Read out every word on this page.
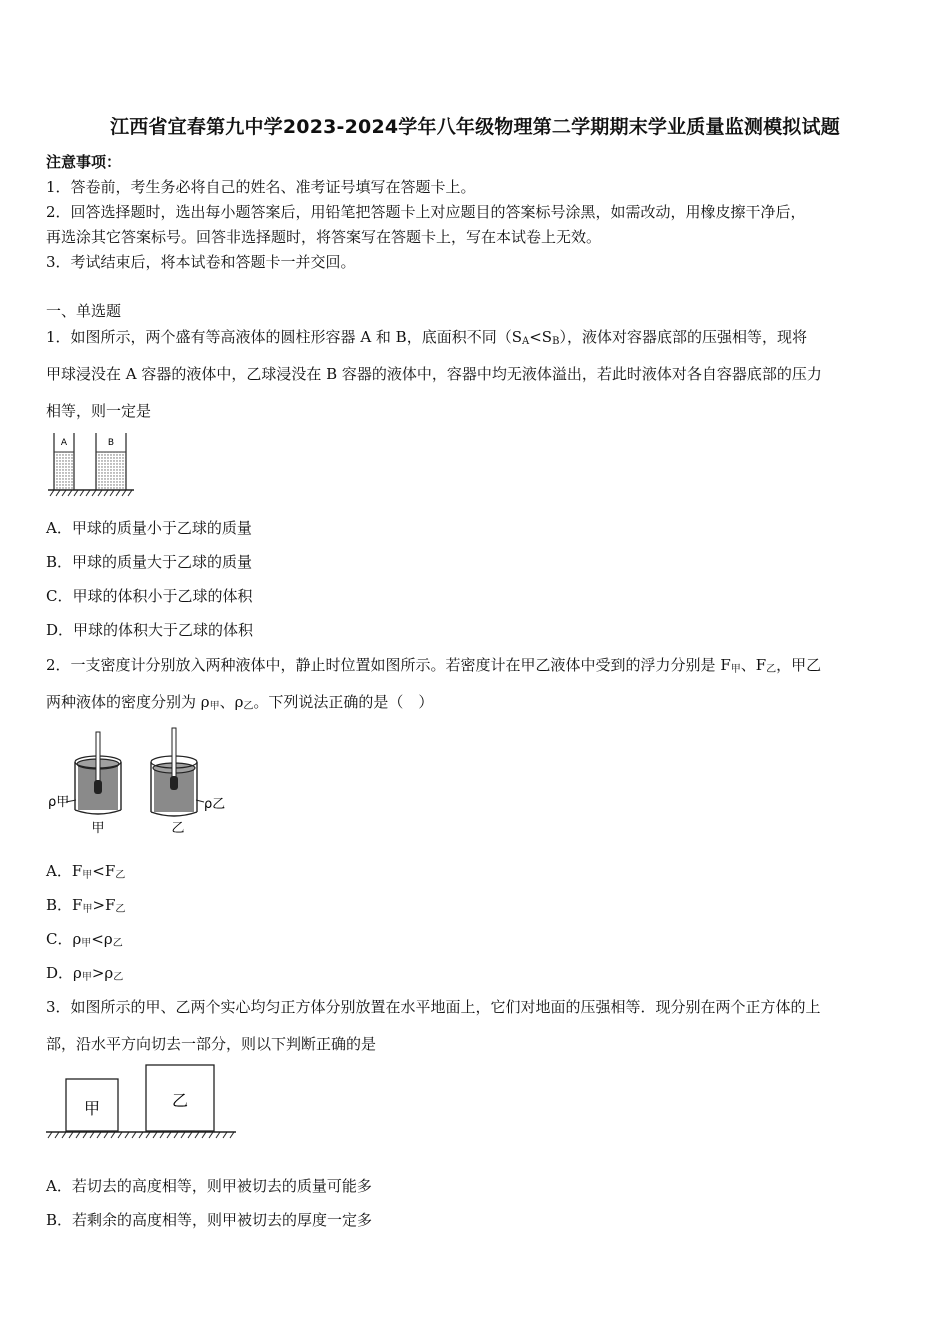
江西省宜春第九中学2023-2024学年八年级物理第二学期期末学业质量监测模拟试题
注意事项：
1．答卷前，考生务必将自己的姓名、准考证号填写在答题卡上。
2．回答选择题时，选出每小题答案后，用铅笔把答题卡上对应题目的答案标号涂黑，如需改动，用橡皮擦干净后，
再选涂其它答案标号。回答非选择题时，将答案写在答题卡上，写在本试卷上无效。
3．考试结束后，将本试卷和答题卡一并交回。
一、单选题
1．如图所示，两个盛有等高液体的圆柱形容器 A 和 B，底面积不同$(S_A<S_B)$，液体对容器底部的压强相等，现将
甲球浸没在 A 容器的液体中，乙球浸没在 B 容器的液体中，容器中均无液体溢出，若此时液体对各自容器底部的压力
相等，则一定是
A	B
A．甲球的质量小于乙球的质量
B．甲球的质量大于乙球的质量
C．甲球的体积小于乙球的体积
D．甲球的体积大于乙球的体积
2．一支密度计分别放入两种液体中，静止时位置如图所示。若密度计在甲乙液体中受到的浮力分别是 $F_甲$、$F_乙$，甲乙
两种液体的密度分别为 $\rho_甲$、$\rho_乙$。下列说法正确的是（　）
ρ甲
甲
ρ乙
乙
A．$F_甲<F_乙$
B．$F_甲>F_乙$
C．$\rho_甲<\rho_乙$
D．$\rho_甲>\rho_乙$
3．如图所示的甲、乙两个实心均匀正方体分别放置在水平地面上，它们对地面的压强相等．现分别在两个正方体的上
部，沿水平方向切去一部分，则以下判断正确的是
甲	乙
A．若切去的高度相等，则甲被切去的质量可能多
B．若剩余的高度相等，则甲被切去的厚度一定多
